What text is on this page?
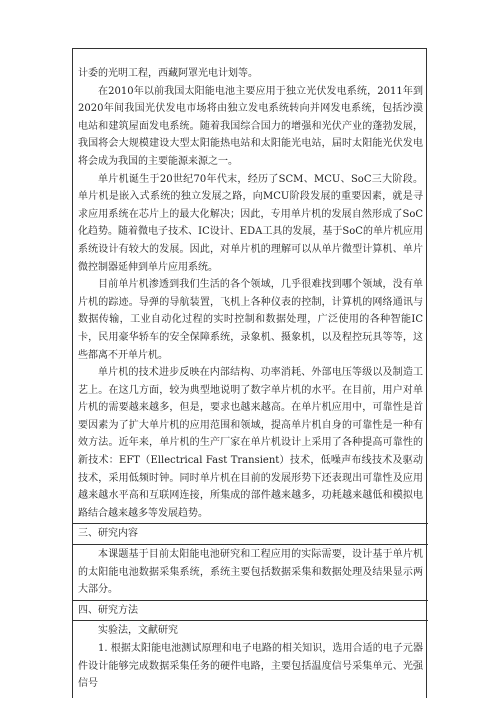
计委的光明工程，西藏阿罩光电计划等。

在2010年以前我国太阳能电池主要应用于独立光伏发电系统，2011年到2020年间我国光伏发电市场将由独立发电系统转向并网发电系统，包括沙漠电站和建筑屋面发电系统。随着我国综合国力的增强和光伏产业的蓬勃发展，我国将会大规模建设大型太阳能热电站和太阳能光电站，届时太阳能光伏发电将会成为我国的主要能源来源之一。

单片机诞生于20世纪70年代末，经历了SCM、MCU、SoC三大阶段。单片机是嵌入式系统的独立发展之路，向MCU阶段发展的重要因素，就是寻求应用系统在芯片上的最大化解决；因此，专用单片机的发展自然形成了SoC化趋势。随着微电子技术、IC设计、EDA工具的发展，基于SoC的单片机应用系统设计有较大的发展。因此，对单片机的理解可以从单片微型计算机、单片微控制器延伸到单片应用系统。

目前单片机渗透到我们生活的各个领域，几乎很难找到哪个领域，没有单片机的踪迹。导弹的导航装置，飞机上各种仪表的控制，计算机的网络通讯与数据传输，工业自动化过程的实时控制和数据处理，广泛使用的各种智能IC卡，民用豪华轿车的安全保障系统，录象机、摄象机，以及程控玩具等等，这些都离不开单片机。

单片机的技术进步反映在内部结构、功率消耗、外部电压等级以及制造工艺上。在这几方面，较为典型地说明了数字单片机的水平。在目前，用户对单片机的需要越来越多，但是，要求也越来越高。在单片机应用中，可靠性是首要因素为了扩大单片机的应用范围和领域，提高单片机自身的可靠性是一种有效方法。近年来，单片机的生产厂家在单片机设计上采用了各种提高可靠性的新技术：EFT（Ellectrical Fast Transient）技术，低噪声布线技术及驱动技术，采用低频时钟。同时单片机在目前的发展形势下还表现出可靠性及应用越来越水平高和互联网连接，所集成的部件越来越多，功耗越来越低和模拟电路结合越来越多等发展趋势。

三、研究内容

本课题基于目前太阳能电池研究和工程应用的实际需要，设计基于单片机的太阳能电池数据采集系统，系统主要包括数据采集和数据处理及结果显示两大部分。

四、研究方法

实验法，文献研究

1. 根据太阳能电池测试原理和电子电路的相关知识，选用合适的电子元器件设计能够完成数据采集任务的硬件电路，主要包括温度信号采集单元、光强信号
